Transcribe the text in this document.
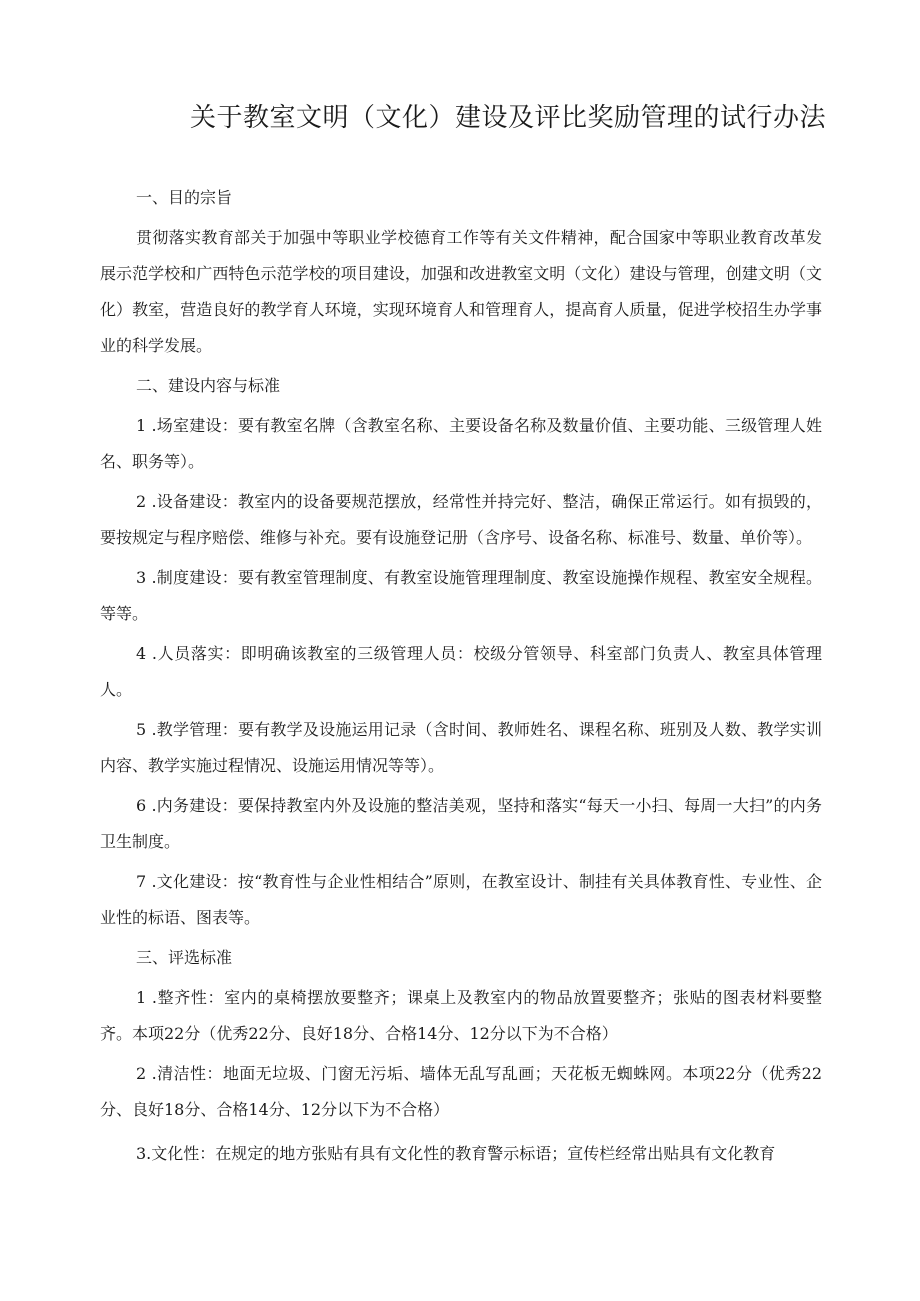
关于教室文明（文化）建设及评比奖励管理的试行办法

一、目的宗旨

贯彻落实教育部关于加强中等职业学校德育工作等有关文件精神，配合国家中等职业教育改革发展示范学校和广西特色示范学校的项目建设，加强和改进教室文明（文化）建设与管理，创建文明（文化）教室，营造良好的教学育人环境，实现环境育人和管理育人，提高育人质量，促进学校招生办学事业的科学发展。

二、建设内容与标准

1 .场室建设：要有教室名牌（含教室名称、主要设备名称及数量价值、主要功能、三级管理人姓名、职务等）。

2 .设备建设：教室内的设备要规范摆放，经常性并持完好、整洁，确保正常运行。如有损毁的，要按规定与程序赔偿、维修与补充。要有设施登记册（含序号、设备名称、标准号、数量、单价等）。

3 .制度建设：要有教室管理制度、有教室设施管理理制度、教室设施操作规程、教室安全规程。等等。

4 .人员落实：即明确该教室的三级管理人员：校级分管领导、科室部门负责人、教室具体管理人。

5 .教学管理：要有教学及设施运用记录（含时间、教师姓名、课程名称、班别及人数、教学实训内容、教学实施过程情况、设施运用情况等等）。

6 .内务建设：要保持教室内外及设施的整洁美观，坚持和落实“每天一小扫、每周一大扫”的内务卫生制度。

7 .文化建设：按“教育性与企业性相结合”原则，在教室设计、制挂有关具体教育性、专业性、企业性的标语、图表等。

三、评选标准

1 .整齐性：室内的桌椅摆放要整齐；课桌上及教室内的物品放置要整齐；张贴的图表材料要整齐。本项22分（优秀22分、良好18分、合格14分、12分以下为不合格）

2 .清洁性：地面无垃圾、门窗无污垢、墙体无乱写乱画；天花板无蜘蛛网。本项22分（优秀22分、良好18分、合格14分、12分以下为不合格）

3.文化性：在规定的地方张贴有具有文化性的教育警示标语；宣传栏经常出贴具有文化教育
